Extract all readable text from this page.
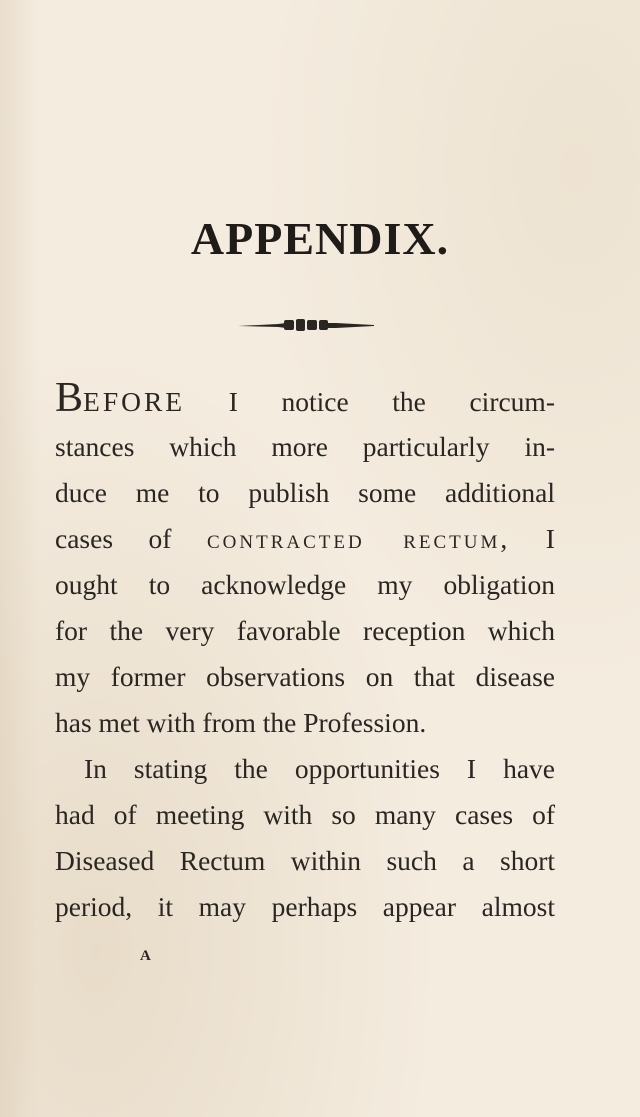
APPENDIX.
BEFORE I notice the circum-
stances which more particularly in-
duce me to publish some additional
cases of contracted rectum, I
ought to acknowledge my obligation
for the very favorable reception which
my former observations on that disease
has met with from the Profession.
In stating the opportunities I have
had of meeting with so many cases of
Diseased Rectum within such a short
period, it may perhaps appear almost
A
